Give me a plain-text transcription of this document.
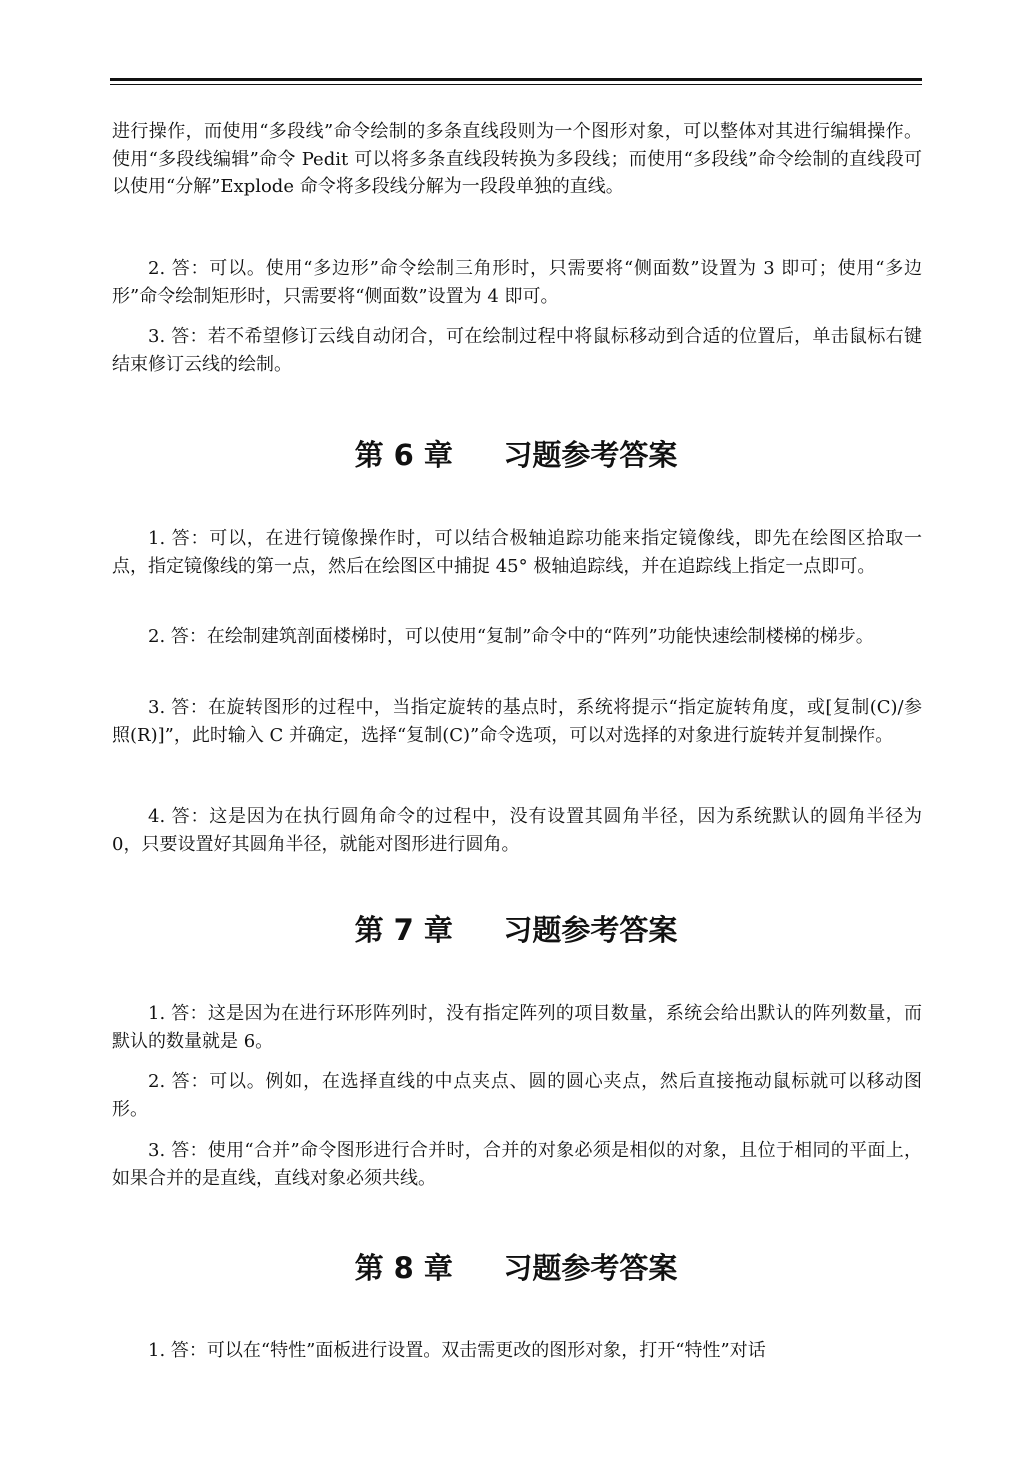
进行操作，而使用“多段线”命令绘制的多条直线段则为一个图形对象，可以整体对其进行编辑操作。使用“多段线编辑”命令 Pedit 可以将多条直线段转换为多段线；而使用“多段线”命令绘制的直线段可以使用“分解”Explode 命令将多段线分解为一段段单独的直线。

2. 答：可以。使用“多边形”命令绘制三角形时，只需要将“侧面数”设置为 3 即可；使用“多边形”命令绘制矩形时，只需要将“侧面数”设置为 4 即可。

3. 答：若不希望修订云线自动闭合，可在绘制过程中将鼠标移动到合适的位置后，单击鼠标右键结束修订云线的绘制。

第 6 章     习题参考答案

1. 答：可以，在进行镜像操作时，可以结合极轴追踪功能来指定镜像线，即先在绘图区拾取一点，指定镜像线的第一点，然后在绘图区中捕捉 45° 极轴追踪线，并在追踪线上指定一点即可。

2. 答：在绘制建筑剖面楼梯时，可以使用“复制”命令中的“阵列”功能快速绘制楼梯的梯步。

3. 答：在旋转图形的过程中，当指定旋转的基点时，系统将提示“指定旋转角度，或[复制(C)/参照(R)]”，此时输入 C 并确定，选择“复制(C)”命令选项，可以对选择的对象进行旋转并复制操作。

4. 答：这是因为在执行圆角命令的过程中，没有设置其圆角半径，因为系统默认的圆角半径为 0，只要设置好其圆角半径，就能对图形进行圆角。

第 7 章     习题参考答案

1. 答：这是因为在进行环形阵列时，没有指定阵列的项目数量，系统会给出默认的阵列数量，而默认的数量就是 6。

2. 答：可以。例如，在选择直线的中点夹点、圆的圆心夹点，然后直接拖动鼠标就可以移动图形。

3. 答：使用“合并”命令图形进行合并时，合并的对象必须是相似的对象，且位于相同的平面上，如果合并的是直线，直线对象必须共线。

第 8 章     习题参考答案

1. 答：可以在“特性”面板进行设置。双击需更改的图形对象，打开“特性”对话
